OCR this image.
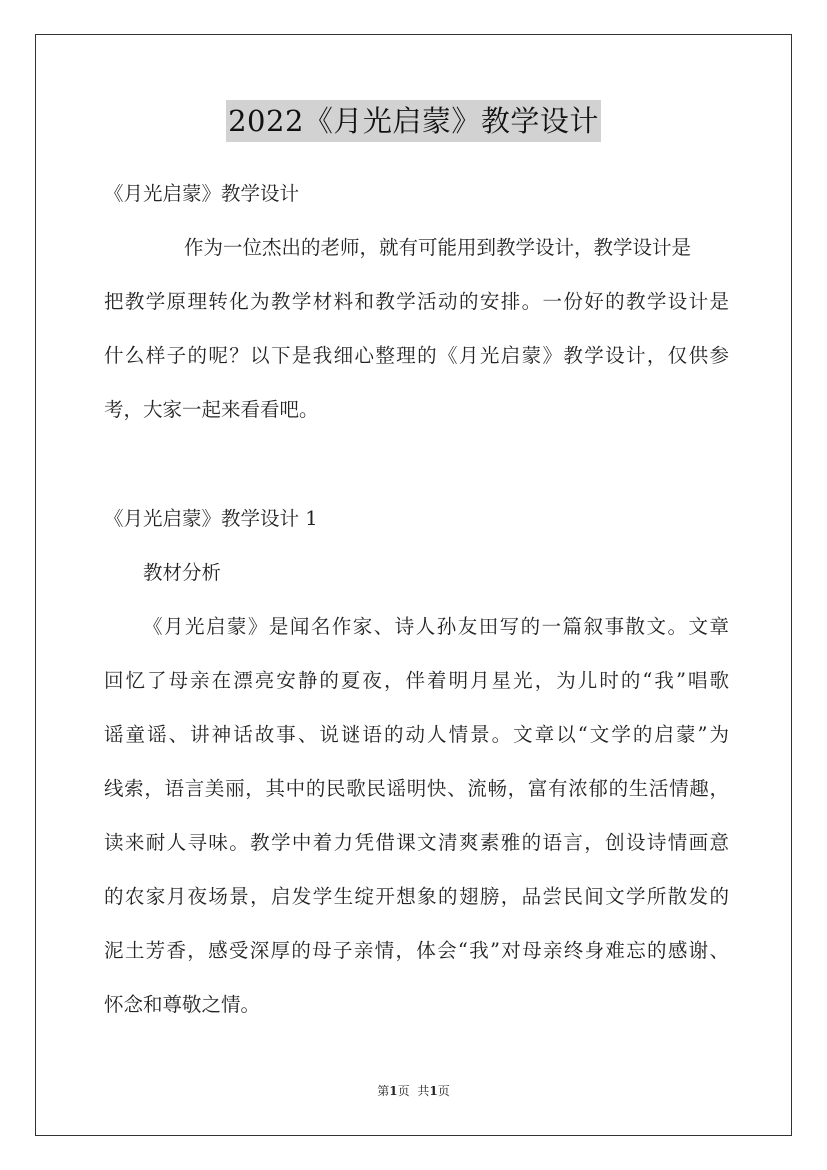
2022《月光启蒙》教学设计
《月光启蒙》教学设计
作为一位杰出的老师，就有可能用到教学设计，教学设计是
把教学原理转化为教学材料和教学活动的安排。一份好的教学设计是
什么样子的呢？以下是我细心整理的《月光启蒙》教学设计，仅供参
考，大家一起来看看吧。
《月光启蒙》教学设计 1
教材分析
《月光启蒙》是闻名作家、诗人孙友田写的一篇叙事散文。文章
回忆了母亲在漂亮安静的夏夜，伴着明月星光，为儿时的“我”唱歌
谣童谣、讲神话故事、说谜语的动人情景。文章以“文学的启蒙”为
线索，语言美丽，其中的民歌民谣明快、流畅，富有浓郁的生活情趣，
读来耐人寻味。教学中着力凭借课文清爽素雅的语言，创设诗情画意
的农家月夜场景，启发学生绽开想象的翅膀，品尝民间文学所散发的
泥土芳香，感受深厚的母子亲情，体会“我”对母亲终身难忘的感谢、
怀念和尊敬之情。
第1页 共1页
